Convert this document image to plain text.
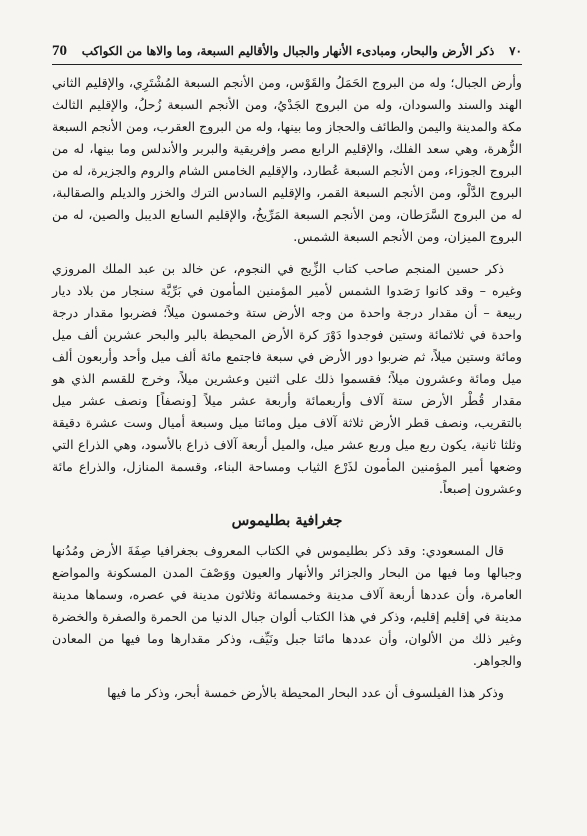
70	ذكر الأرض والبحار، ومبادىء الأنهار والجبال والأقاليم السبعة، وما والاها من الكواكب	٧٠

وأرض الجبال؛ وله من البروج الحَمَلُ والقَوْس، ومن الأنجم السبعة المُشْتَرِي، والإقليم الثاني الهند والسند والسودان، وله من البروج الجَدْيُ، ومن الأنجم السبعة زُحلُ، والإقليم الثالث مكة والمدينة واليمن والطائف والحجاز وما بينها، وله من البروج العقرب، ومن الأنجم السبعة الزُّهرة، وهي سعد الفلك، والإقليم الرابع مصر وإفريقية والبربر والأندلس وما بينها، له من البروج الجوزاء، ومن الأنجم السبعة عُطارد، والإقليم الخامس الشام والروم والجزيرة، له من البروج الدَّلْو، ومن الأنجم السبعة القمر، والإقليم السادس الترك والخزر والديلم والصقالبة، له من البروج السَّرَطان، ومن الأنجم السبعة المَرِّيخُ، والإقليم السابع الديبل والصين، له من البروج الميزان، ومن الأنجم السبعة الشمس.

ذكر حسين المنجم صاحب كتاب الزِّيج في النجوم، عن خالد بن عبد الملك المروزي وغيره – وقد كانوا رَصَدوا الشمس لأمير المؤمنين المأمون في بَرِّيَّة سنجار من بلاد ديار ربيعة – أن مقدار درجة واحدة من وجه الأرض ستة وخمسون ميلاً؛ فضربوا مقدار درجة واحدة في ثلاثمائة وستين فوجدوا دَوْرَ كرة الأرض المحيطة بالبر والبحر عشرين ألف ميل ومائة وستين ميلاً، ثم ضربوا دور الأرض في سبعة فاجتمع مائة ألف ميل وأحد وأربعون ألف ميل ومائة وعشرون ميلاً؛ فقسموا ذلك على اثنين وعشرين ميلاً، وخرج للقسم الذي هو مقدار قُطْر الأرض ستة آلاف وأربعمائة وأربعة عشر ميلاً [ونصفاً] ونصف عشر ميل بالتقريب، ونصف قطر الأرض ثلاثة آلاف ميل ومائتا ميل وسبعة أميال وست عشرة دقيقة وثلثا ثانية، يكون ربع ميل وربع عشر ميل، والميل أربعة آلاف ذراع بالأسود، وهي الذراع التي وضعها أمير المؤمنين المأمون لذَرْع الثياب ومساحة البناء، وقسمة المنازل، والذراع مائة وعشرون إصبعاً.

جغرافية بطليموس

قال المسعودي: وقد ذكر بطليموس في الكتاب المعروف بجغرافيا صِفَةَ الأرض ومُدُنها وجبالها وما فيها من البحار والجزائر والأنهار والعيون ووَصْفَ المدن المسكونة والمواضع العامرة، وأن عددها أربعة آلاف مدينة وخمسمائة وثلاثون مدينة في عصره، وسماها مدينة مدينة في إقليم إقليم، وذكر في هذا الكتاب ألوان جبال الدنيا من الحمرة والصفرة والخضرة وغير ذلك من الألوان، وأن عددها مائتا جبل ونَيِّف، وذكر مقدارها وما فيها من المعادن والجواهر.

وذكر هذا الفيلسوف أن عدد البحار المحيطة بالأرض خمسة أبحر، وذكر ما فيها
